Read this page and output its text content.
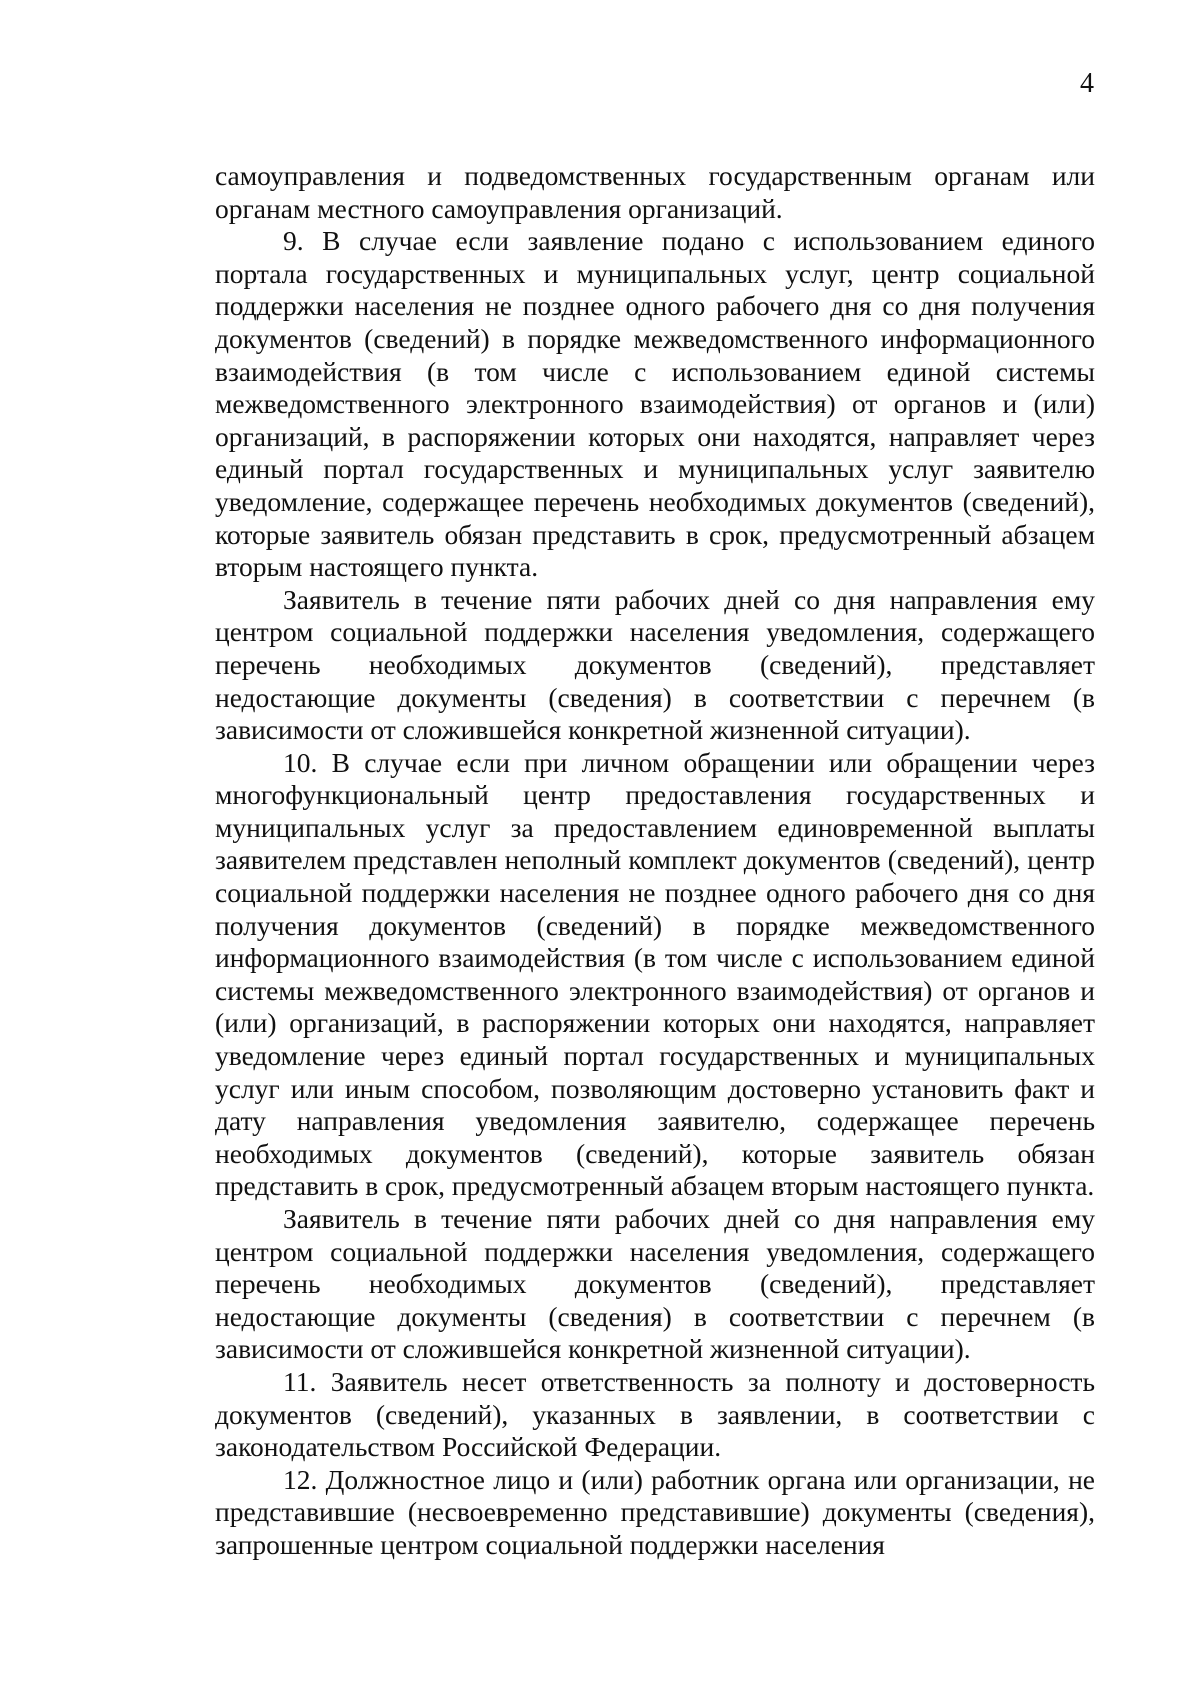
4

самоуправления и подведомственных государственным органам или органам местного самоуправления организаций.

9. В случае если заявление подано с использованием единого портала государственных и муниципальных услуг, центр социальной поддержки населения не позднее одного рабочего дня со дня получения документов (сведений) в порядке межведомственного информационного взаимодействия (в том числе с использованием единой системы межведомственного электронного взаимодействия) от органов и (или) организаций, в распоряжении которых они находятся, направляет через единый портал государственных и муниципальных услуг заявителю уведомление, содержащее перечень необходимых документов (сведений), которые заявитель обязан представить в срок, предусмотренный абзацем вторым настоящего пункта.

Заявитель в течение пяти рабочих дней со дня направления ему центром социальной поддержки населения уведомления, содержащего перечень необходимых документов (сведений), представляет недостающие документы (сведения) в соответствии с перечнем (в зависимости от сложившейся конкретной жизненной ситуации).

10. В случае если при личном обращении или обращении через многофункциональный центр предоставления государственных и муниципальных услуг за предоставлением единовременной выплаты заявителем представлен неполный комплект документов (сведений), центр социальной поддержки населения не позднее одного рабочего дня со дня получения документов (сведений) в порядке межведомственного информационного взаимодействия (в том числе с использованием единой системы межведомственного электронного взаимодействия) от органов и (или) организаций, в распоряжении которых они находятся, направляет уведомление через единый портал государственных и муниципальных услуг или иным способом, позволяющим достоверно установить факт и дату направления уведомления заявителю, содержащее перечень необходимых документов (сведений), которые заявитель обязан представить в срок, предусмотренный абзацем вторым настоящего пункта.

Заявитель в течение пяти рабочих дней со дня направления ему центром социальной поддержки населения уведомления, содержащего перечень необходимых документов (сведений), представляет недостающие документы (сведения) в соответствии с перечнем (в зависимости от сложившейся конкретной жизненной ситуации).

11. Заявитель несет ответственность за полноту и достоверность документов (сведений), указанных в заявлении, в соответствии с законодательством Российской Федерации.

12. Должностное лицо и (или) работник органа или организации, не представившие (несвоевременно представившие) документы (сведения), запрошенные центром социальной поддержки населения
